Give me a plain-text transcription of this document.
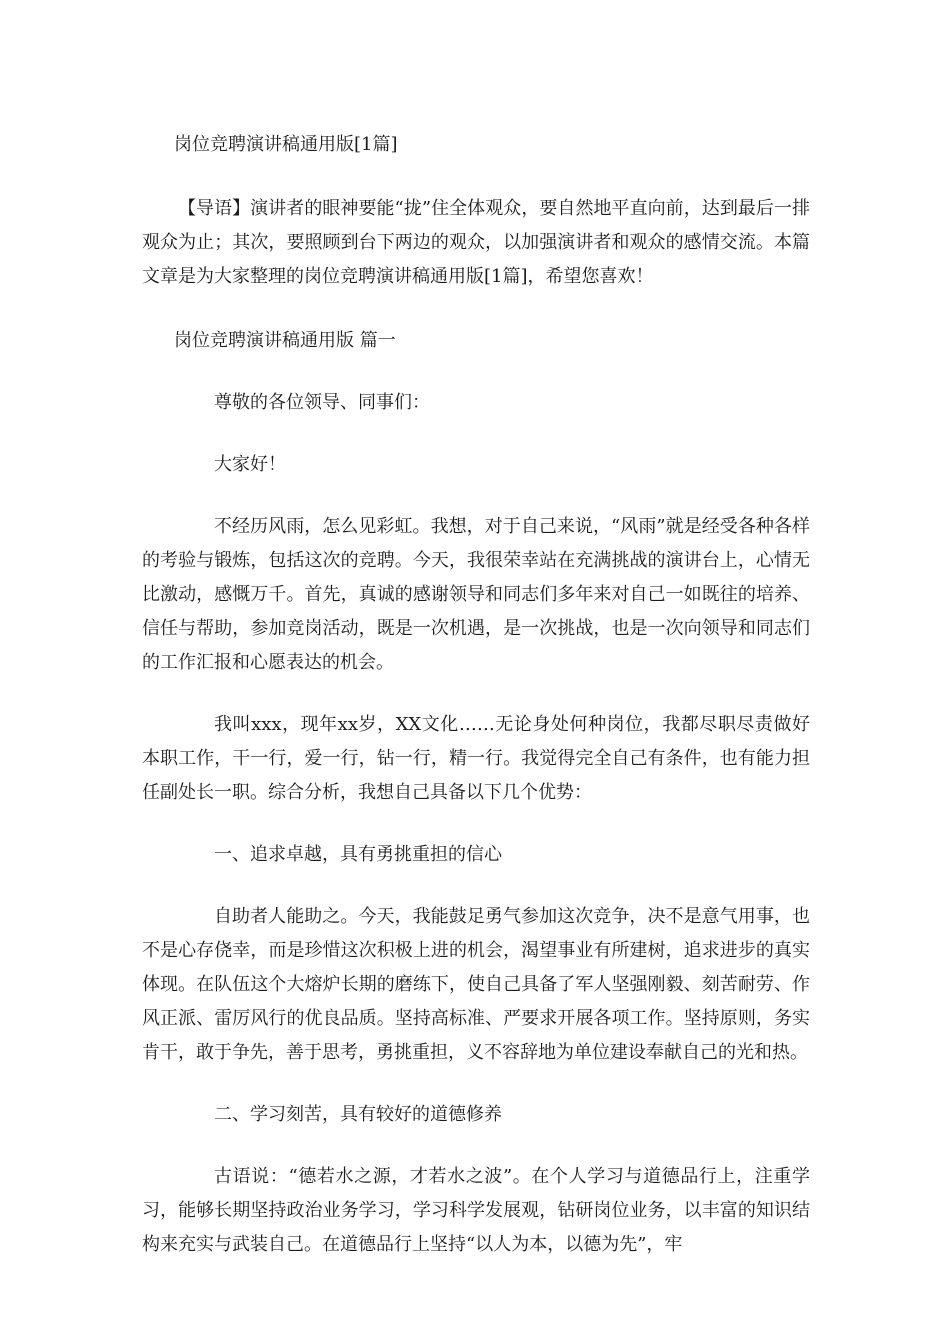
岗位竞聘演讲稿通用版[1篇]

【导语】演讲者的眼神要能“拢”住全体观众，要自然地平直向前，达到最后一排观众为止；其次，要照顾到台下两边的观众，以加强演讲者和观众的感情交流。本篇文章是为大家整理的岗位竞聘演讲稿通用版[1篇]，希望您喜欢！

岗位竞聘演讲稿通用版 篇一

尊敬的各位领导、同事们：

大家好！

不经历风雨，怎么见彩虹。我想，对于自己来说，“风雨”就是经受各种各样的考验与锻炼，包括这次的竞聘。今天，我很荣幸站在充满挑战的演讲台上，心情无比激动，感慨万千。首先，真诚的感谢领导和同志们多年来对自己一如既往的培养、信任与帮助，参加竞岗活动，既是一次机遇，是一次挑战，也是一次向领导和同志们的工作汇报和心愿表达的机会。

我叫xxx，现年xx岁，XX文化……无论身处何种岗位，我都尽职尽责做好本职工作，干一行，爱一行，钻一行，精一行。我觉得完全自己有条件，也有能力担任副处长一职。综合分析，我想自己具备以下几个优势：

一、追求卓越，具有勇挑重担的信心

自助者人能助之。今天，我能鼓足勇气参加这次竞争，决不是意气用事，也不是心存侥幸，而是珍惜这次积极上进的机会，渴望事业有所建树，追求进步的真实体现。在队伍这个大熔炉长期的磨练下，使自己具备了军人坚强刚毅、刻苦耐劳、作风正派、雷厉风行的优良品质。坚持高标准、严要求开展各项工作。坚持原则，务实肯干，敢于争先，善于思考，勇挑重担，义不容辞地为单位建设奉献自己的光和热。

二、学习刻苦，具有较好的道德修养

古语说：“德若水之源，才若水之波”。在个人学习与道德品行上，注重学习，能够长期坚持政治业务学习，学习科学发展观，钻研岗位业务，以丰富的知识结构来充实与武装自己。在道德品行上坚持“以人为本，以德为先”，牢
